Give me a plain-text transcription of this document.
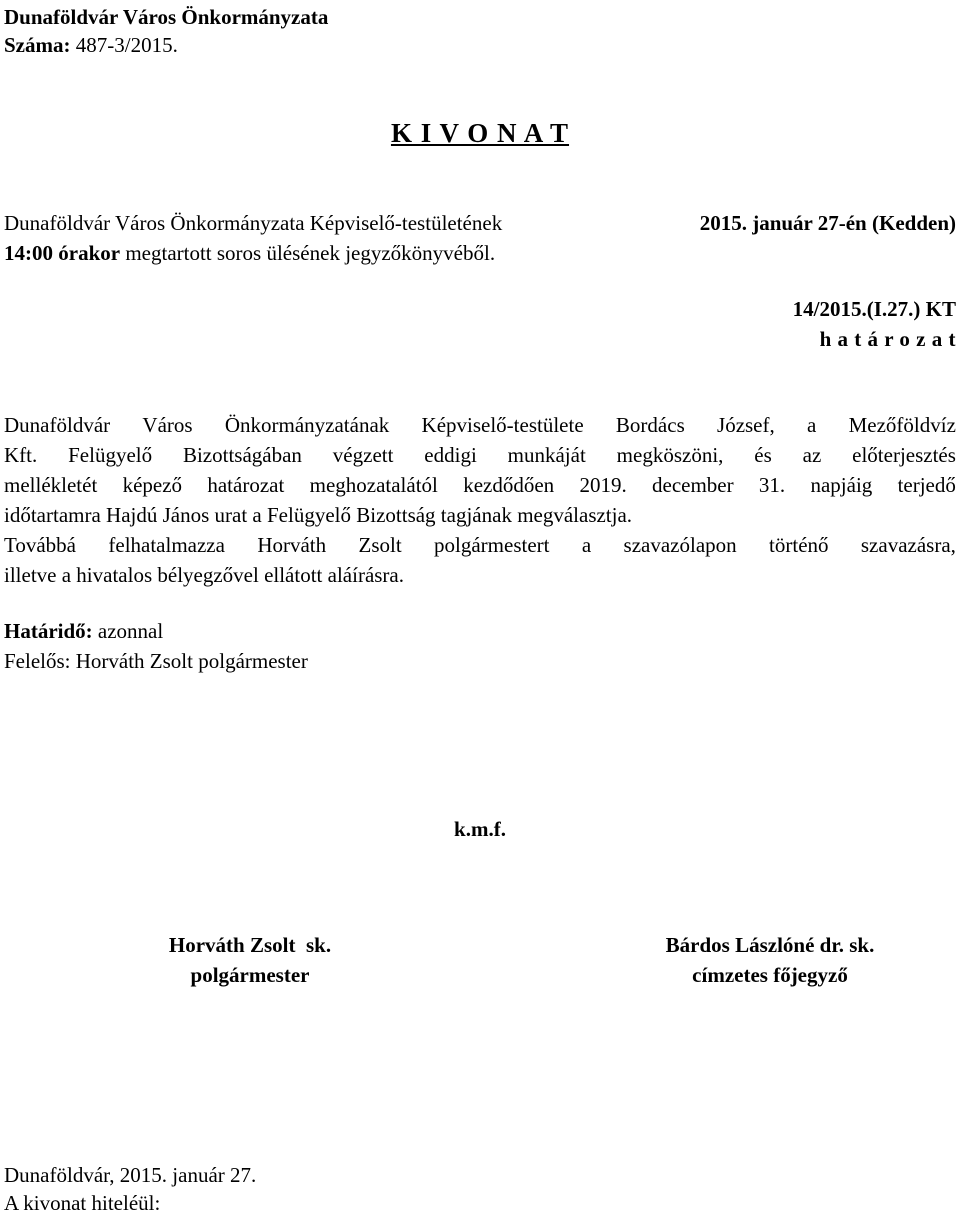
Dunaföldvár Város Önkormányzata
Száma: 487-3/2015.
K I V O N A T
Dunaföldvár Város Önkormányzata Képviselő-testületének	2015. január 27-én (Kedden)
14:00 órakor megtartott soros ülésének jegyzőkönyvéből.
14/2015.(I.27.) KT
h a t á r o z a t
Dunaföldvár Város Önkormányzatának Képviselő-testülete Bordács József, a Mezőföldvíz
Kft. Felügyelő Bizottságában végzett eddigi munkáját megköszöni, és az előterjesztés
mellékletét képező határozat meghozatalától kezdődően 2019. december 31. napjáig terjedő
időtartamra Hajdú János urat a Felügyelő Bizottság tagjának megválasztja.
Továbbá felhatalmazza Horváth Zsolt polgármestert a szavazólapon történő szavazásra,
illetve a hivatalos bélyegzővel ellátott aláírásra.
Határidő: azonnal
Felelős: Horváth Zsolt polgármester
k.m.f.
Horváth Zsolt  sk.
polgármester
Bárdos Lászlóné dr. sk.
címzetes főjegyző
Dunaföldvár, 2015. január 27.
A kivonat hiteléül:
